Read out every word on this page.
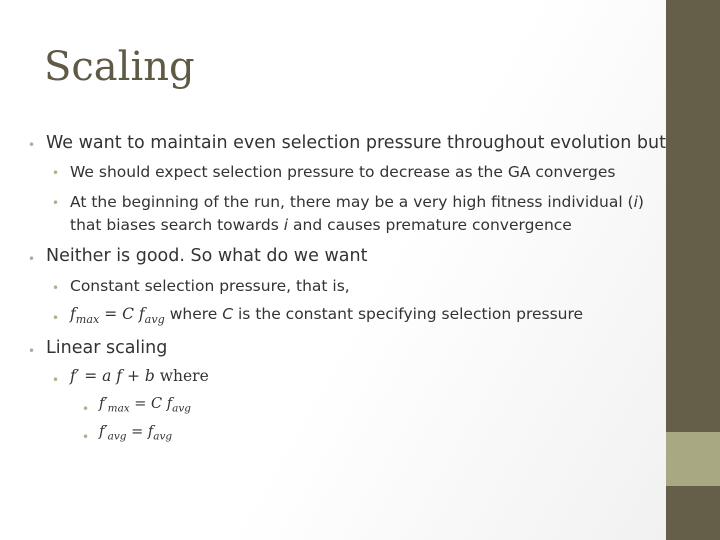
Scaling
• We want to maintain even selection pressure throughout evolution but
• We should expect selection pressure to decrease as the GA converges
• At the beginning of the run, there may be a very high fitness individual (i)
that biases search towards i and causes premature convergence
• Neither is good. So what do we want
• Constant selection pressure, that is,
• $f_{max} = C$ $f_{avg}$ where C is the constant specifying selection pressure
• Linear scaling
• f′ = a f + b where
• $f'_{max} = C$ $f_{avg}$
• $f'_{avg} = f_{avg}$
